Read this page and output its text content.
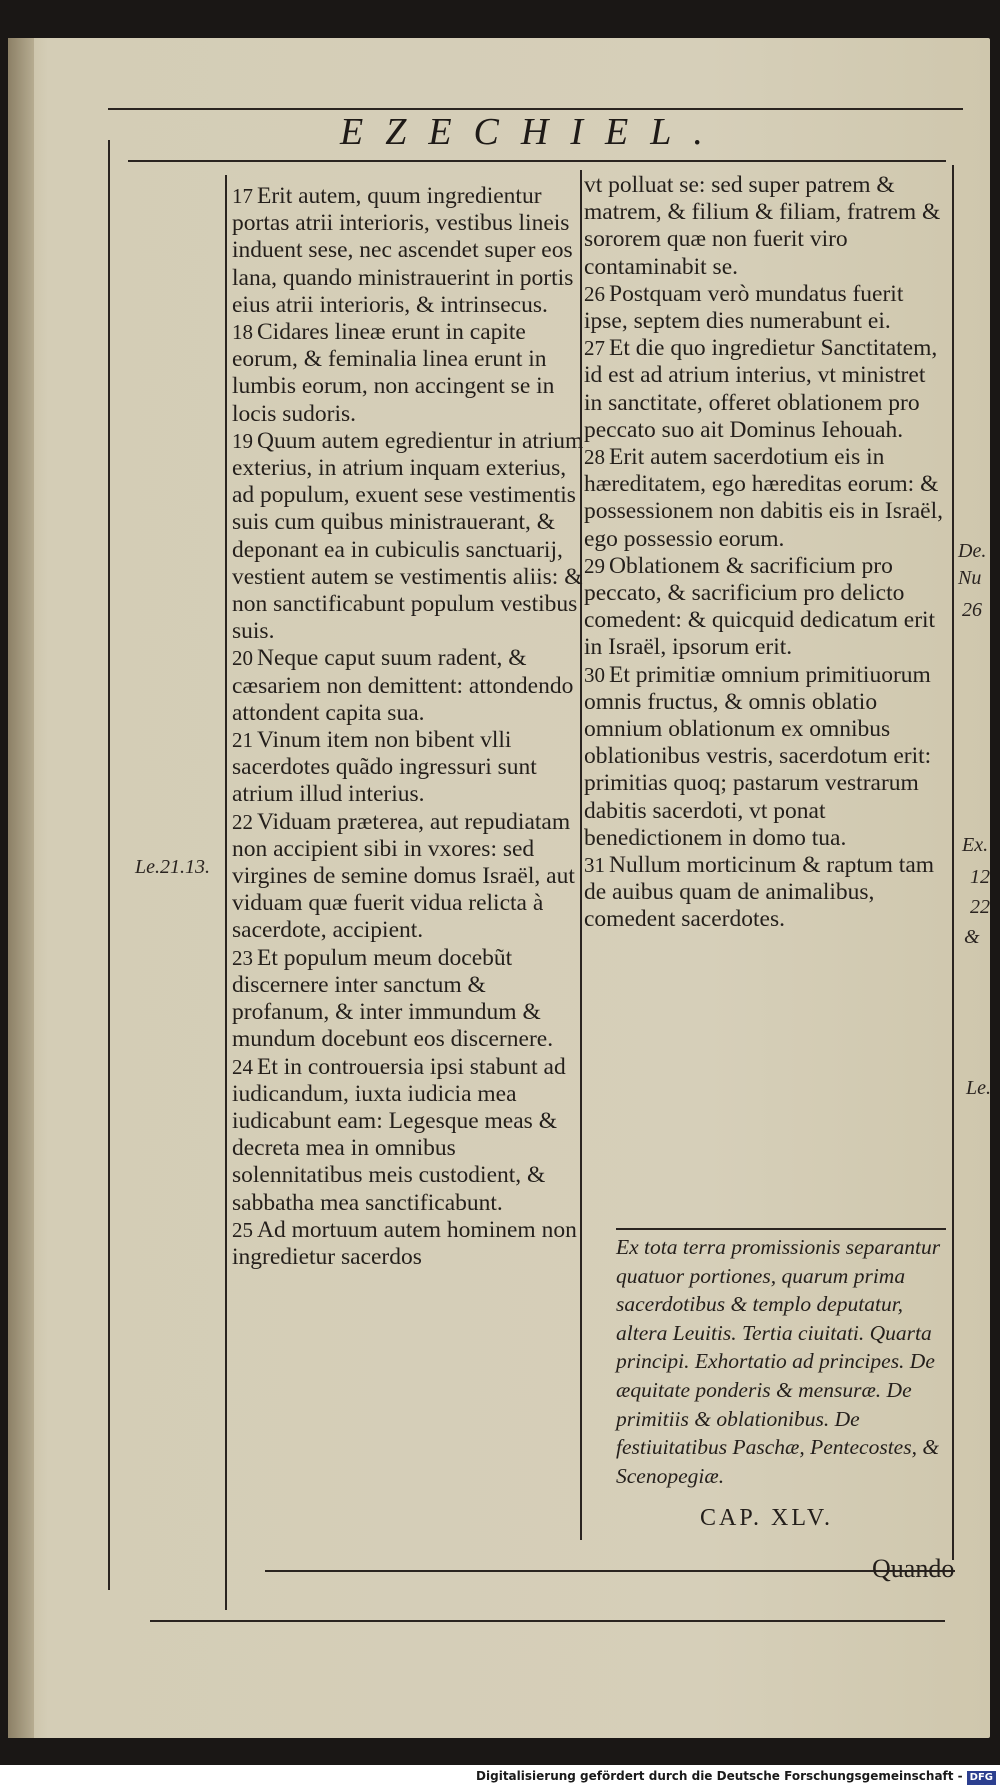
EZECHIEL.

17 Erit autem, quum ingredientur portas atrii interioris, vestibus lineis induent sese, nec ascendet super eos lana, quando ministrauerint in portis eius atrii interioris, & intrinsecus.

18 Cidares lineæ erunt in capite eorum, & feminalia linea erunt in lumbis eorum, non accingent se in locis sudoris.

19 Quum autem egredientur in atrium exterius, in atrium inquam exterius, ad populum, exuent sese vestimentis suis cum quibus ministrauerant, & deponant ea in cubiculis sanctuarij, vestient autem se vestimentis aliis: & non sanctificabunt populum vestibus suis.

20 Neque caput suum radent, & cæsariem non demittent: attondendo attondent capita sua.

21 Vinum item non bibent vlli sacerdotes quãdo ingressuri sunt atrium illud interius.

22 Viduam præterea, aut repudiatam non accipient sibi in vxores: sed virgines de semine domus Israël, aut viduam quæ fuerit vidua relicta à sacerdote, accipient.

23 Et populum meum docebũt discernere inter sanctum & profanum, & inter immundum & mundum docebunt eos discernere.

24 Et in controuersia ipsi stabunt ad iudicandum, iuxta iudicia mea iudicabunt eam: Legesque meas & decreta mea in omnibus solennitatibus meis custodient, & sabbatha mea sanctificabunt.

25 Ad mortuum autem hominem non ingredietur sacerdos

vt polluat se: sed super patrem & matrem, & filium & filiam, fratrem & sororem quæ non fuerit viro contaminabit se.

26 Postquam verò mundatus fuerit ipse, septem dies numerabunt ei.

27 Et die quo ingredietur Sanctitatem, id est ad atrium interius, vt ministret in sanctitate, offeret oblationem pro peccato suo ait Dominus Iehouah.

28 Erit autem sacerdotium eis in hæreditatem, ego hæreditas eorum: & possessionem non dabitis eis in Israël, ego possessio eorum.

29 Oblationem & sacrificium pro peccato, & sacrificium pro delicto comedent: & quicquid dedicatum erit in Israël, ipsorum erit.

30 Et primitiæ omnium primitiuorum omnis fructus, & omnis oblatio omnium oblationum ex omnibus oblationibus vestris, sacerdotum erit: primitias quoq; pastarum vestrarum dabitis sacerdoti, vt ponat benedictionem in domo tua.

31 Nullum morticinum & raptum tam de auibus quam de animalibus, comedent sacerdotes.

Ex tota terra promissionis separantur quatuor portiones, quarum prima sacerdotibus & templo deputatur, altera Leuitis. Tertia ciuitati. Quarta principi. Exhortatio ad principes. De æquitate ponderis & mensuræ. De primitiis & oblationibus. De festiuitatibus Paschæ, Pentecostes, & Scenopegiæ.
CAP. XLV.
Quando
Le.21.13.
De.
Nu
26
Ex.
12
22
&
Le.
Digitalisierung gefördert durch die Deutsche Forschungsgemeinschaft - DFG
